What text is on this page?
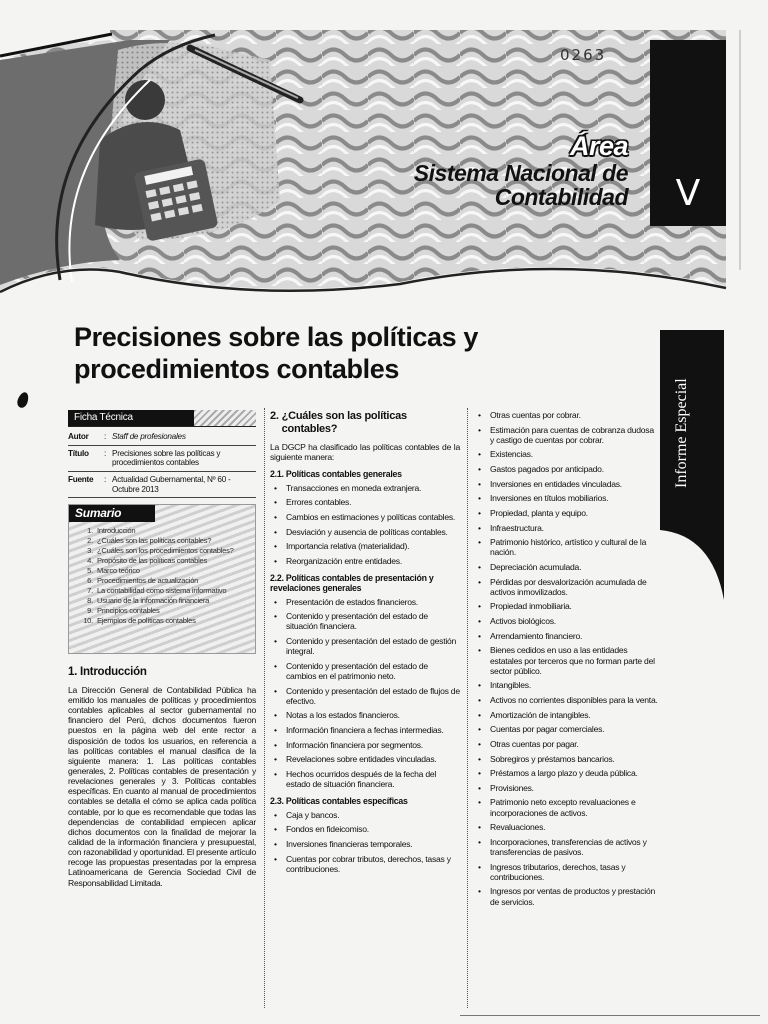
0263
Área
Sistema Nacional de
Contabilidad	V
Precisiones sobre las políticas y procedimientos contables
Informe Especial
Ficha Técnica
Autor	:	Staff de profesionales
Título	:	Precisiones sobre las políticas y procedimientos contables
Fuente	:	Actualidad Gubernamental, Nº 60 - Octubre 2013
Sumario
1. Introducción
2. ¿Cuáles son las políticas contables?
3. ¿Cuáles son los procedimientos contables?
4. Propósito de las políticas contables
5. Marco teórico
6. Procedimientos de actualización
7. La contabilidad como sistema informativo
8. Usuario de la información financiera
9. Principios contables
10. Ejemplos de políticas contables
1. Introducción

La Dirección General de Contabilidad Pública ha emitido los manuales de políticas y procedimientos contables aplicables al sector gubernamental no financiero del Perú, dichos documentos fueron puestos en la página web del ente rector a disposición de todos los usuarios, en referencia a las políticas contables el manual clasifica de la siguiente manera: 1. Las políticas contables generales, 2. Políticas contables de presentación y revelaciones generales y 3. Políticas contables específicas. En cuanto al manual de procedimientos contables se detalla el cómo se aplica cada política contable, por lo que es recomendable que todas las dependencias de contabilidad empiecen aplicar dichos documentos con la finalidad de mejorar la calidad de la información financiera y presupuestal, con razonabilidad y oportunidad. El presente artículo recoge las propuestas presentadas por la empresa Latinoamericana de Gerencia Sociedad Civil de Responsabilidad Limitada.

2. ¿Cuáles son las políticas contables?

La DGCP ha clasificado las políticas contables de la siguiente manera:

2.1. Políticas contables generales
• Transacciones en moneda extranjera.
• Errores contables.
• Cambios en estimaciones y políticas contables.
• Desviación y ausencia de políticas contables.
• Importancia relativa (materialidad).
• Reorganización entre entidades.
2.2. Políticas contables de presentación y revelaciones generales
• Presentación de estados financieros.
• Contenido y presentación del estado de situación financiera.
• Contenido y presentación del estado de gestión integral.
• Contenido y presentación del estado de cambios en el patrimonio neto.
• Contenido y presentación del estado de flujos de efectivo.
• Notas a los estados financieros.
• Información financiera a fechas intermedias.
• Información financiera por segmentos.
• Revelaciones sobre entidades vinculadas.
• Hechos ocurridos después de la fecha del estado de situación financiera.
2.3. Políticas contables específicas
• Caja y bancos.
• Fondos en fideicomiso.
• Inversiones financieras temporales.
• Cuentas por cobrar tributos, derechos, tasas y contribuciones.
• Otras cuentas por cobrar.
• Estimación para cuentas de cobranza dudosa y castigo de cuentas por cobrar.
• Existencias.
• Gastos pagados por anticipado.
• Inversiones en entidades vinculadas.
• Inversiones en títulos mobiliarios.
• Propiedad, planta y equipo.
• Infraestructura.
• Patrimonio histórico, artístico y cultural de la nación.
• Depreciación acumulada.
• Pérdidas por desvalorización acumulada de activos inmovilizados.
• Propiedad inmobiliaria.
• Activos biológicos.
• Arrendamiento financiero.
• Bienes cedidos en uso a las entidades estatales por terceros que no forman parte del sector público.
• Intangibles.
• Activos no corrientes disponibles para la venta.
• Amortización de intangibles.
• Cuentas por pagar comerciales.
• Otras cuentas por pagar.
• Sobregiros y préstamos bancarios.
• Préstamos a largo plazo y deuda pública.
• Provisiones.
• Patrimonio neto excepto revaluaciones e incorporaciones de activos.
• Revaluaciones.
• Incorporaciones, transferencias de activos y transferencias de pasivos.
• Ingresos tributarios, derechos, tasas y contribuciones.
• Ingresos por ventas de productos y prestación de servicios.
